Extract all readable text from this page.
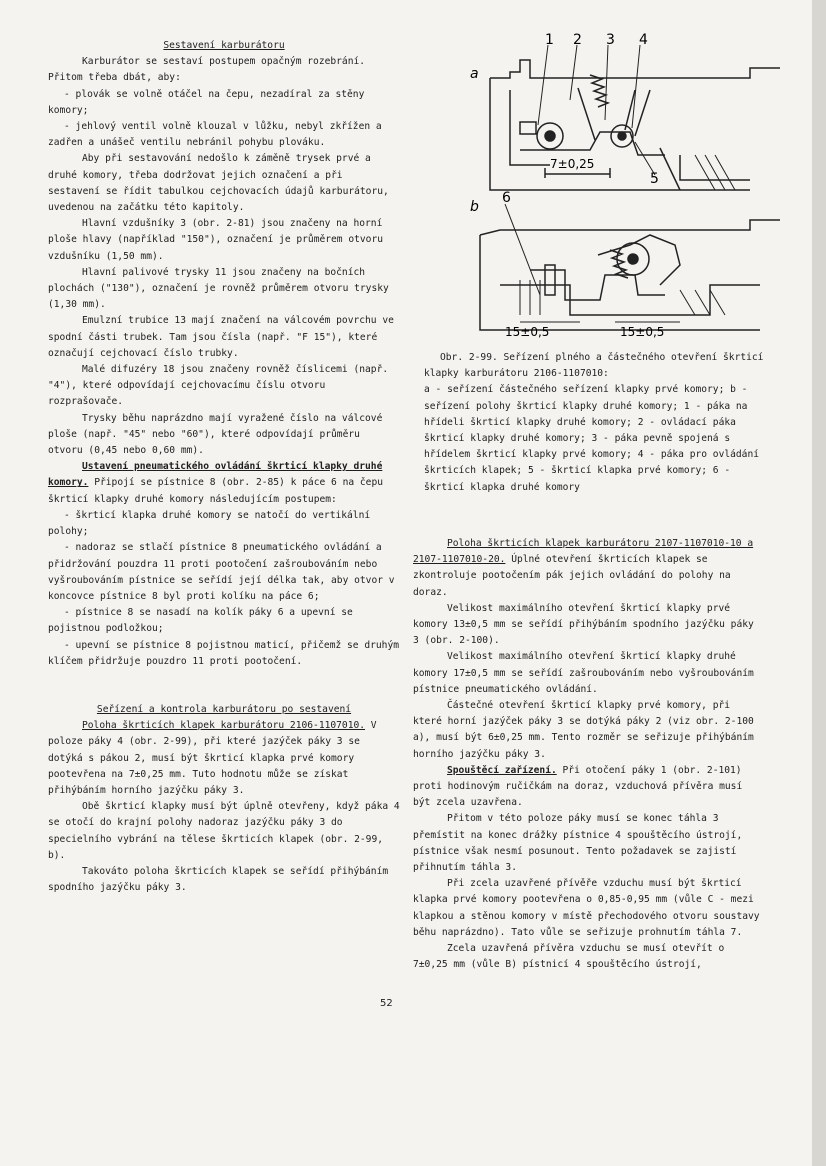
Sestavení karburátoru

Karburátor se sestaví postupem opačným rozebrání. Přitom třeba dbát, aby:

- plovák se volně otáčel na čepu, nezadíral za stěny komory;

- jehlový ventil volně klouzal v lůžku, nebyl zkřížen a zadřen a unášeč ventilu nebránil pohybu plováku.

Aby při sestavování nedošlo k záměně trysek prvé a druhé komory, třeba dodržovat jejich označení a při sestavení se řídit tabulkou cejchovacích údajů karburátoru, uvedenou na začátku této kapitoly.

Hlavní vzdušníky 3 (obr. 2-81) jsou značeny na horní ploše hlavy (například "150"), označení je průměrem otvoru vzdušníku (1,50 mm).

Hlavní palivové trysky 11 jsou značeny na bočních plochách ("130"), označení je rovněž průměrem otvoru trysky (1,30 mm).

Emulzní trubice 13 mají značení na válcovém povrchu ve spodní části trubek. Tam jsou čísla (např. "F 15"), které označují cejchovací číslo trubky.

Malé difuzéry 18 jsou značeny rovněž číslicemi (např. "4"), které odpovídají cejchovacímu číslu otvoru rozprašovače.

Trysky běhu naprázdno mají vyražené číslo na válcové ploše (např. "45" nebo "60"), které odpovídají průměru otvoru (0,45 nebo 0,60 mm).

Ustavení pneumatického ovládání škrticí klapky druhé komory. Připojí se pístnice 8 (obr. 2-85) k páce 6 na čepu škrticí klapky druhé komory následujícím postupem:

- škrticí klapka druhé komory se natočí do vertikální polohy;

- nadoraz se stlačí pístnice 8 pneumatického ovládání a přidržování pouzdra 11 proti pootočení zašroubováním nebo vyšroubováním pístnice se seřídí její délka tak, aby otvor v koncovce pístnice 8 byl proti kolíku na páce 6;

- pístnice 8 se nasadí na kolík páky 6 a upevní se pojistnou podložkou;

- upevní se pístnice 8 pojistnou maticí, přičemž se druhým klíčem přidržuje pouzdro 11 proti pootočení.

Seřízení a kontrola karburátoru po sestavení

Poloha škrticích klapek karburátoru 2106-1107010. V poloze páky 4 (obr. 2-99), při které jazýček páky 3 se dotýká s pákou 2, musí být škrticí klapka prvé komory pootevřena na 7±0,25 mm. Tuto hodnotu může se získat přihýbáním horního jazýčku páky 3.

Obě škrticí klapky musí být úplně otevřeny, když páka 4 se otočí do krajní polohy nadoraz jazýčku páky 3 do specielního vybrání na tělese škrticích klapek (obr. 2-99, b).

Takováto poloha škrticích klapek se seřídí přihýbáním spodního jazýčku páky 3.

a
b
1 2 3 4
5
6
7±0,25
15±0,5	15±0,5

Obr. 2-99. Seřízení plného a částečného otevření škrticí klapky karburátoru 2106-1107010:

a - seřízení částečného seřízení klapky prvé komory; b - seřízení polohy škrticí klapky druhé komory; 1 - páka na hřídeli škrticí klapky druhé komory; 2 - ovládací páka škrticí klapky druhé komory; 3 - páka pevně spojená s hřídelem škrticí klapky prvé komory; 4 - páka pro ovládání škrticích klapek; 5 - škrticí klapka prvé komory; 6 - škrticí klapka druhé komory

Poloha škrticích klapek karburátoru 2107-1107010-10 a 2107-1107010-20. Úplné otevření škrticích klapek se zkontroluje pootočením pák jejich ovládání do polohy na doraz.

Velikost maximálního otevření škrticí klapky prvé komory 13±0,5 mm se seřídí přihýbáním spodního jazýčku páky 3 (obr. 2-100).

Velikost maximálního otevření škrticí klapky druhé komory 17±0,5 mm se seřídí zašroubováním nebo vyšroubováním pístnice pneumatického ovládání.

Částečné otevření škrticí klapky prvé komory, při které horní jazýček páky 3 se dotýká páky 2 (viz obr. 2-100 a), musí být 6±0,25 mm. Tento rozměr se seřizuje přihýbáním horního jazýčku páky 3.

Spouštěcí zařízení. Při otočení páky 1 (obr. 2-101) proti hodinovým ručičkám na doraz, vzduchová přívěra musí být zcela uzavřena.

Přitom v této poloze páky musí se konec táhla 3 přemístit na konec drážky pístnice 4 spouštěcího ústrojí, pístnice však nesmí posunout. Tento požadavek se zajistí přihnutím táhla 3.

Při zcela uzavřené přívěře vzduchu musí být škrticí klapka prvé komory pootevřena o 0,85-0,95 mm (vůle C - mezi klapkou a stěnou komory v místě přechodového otvoru soustavy běhu naprázdno). Tato vůle se seřizuje prohnutím táhla 7.

Zcela uzavřená přívěra vzduchu se musí otevřít o 7±0,25 mm (vůle B) pístnicí 4 spouštěcího ústrojí,

52
